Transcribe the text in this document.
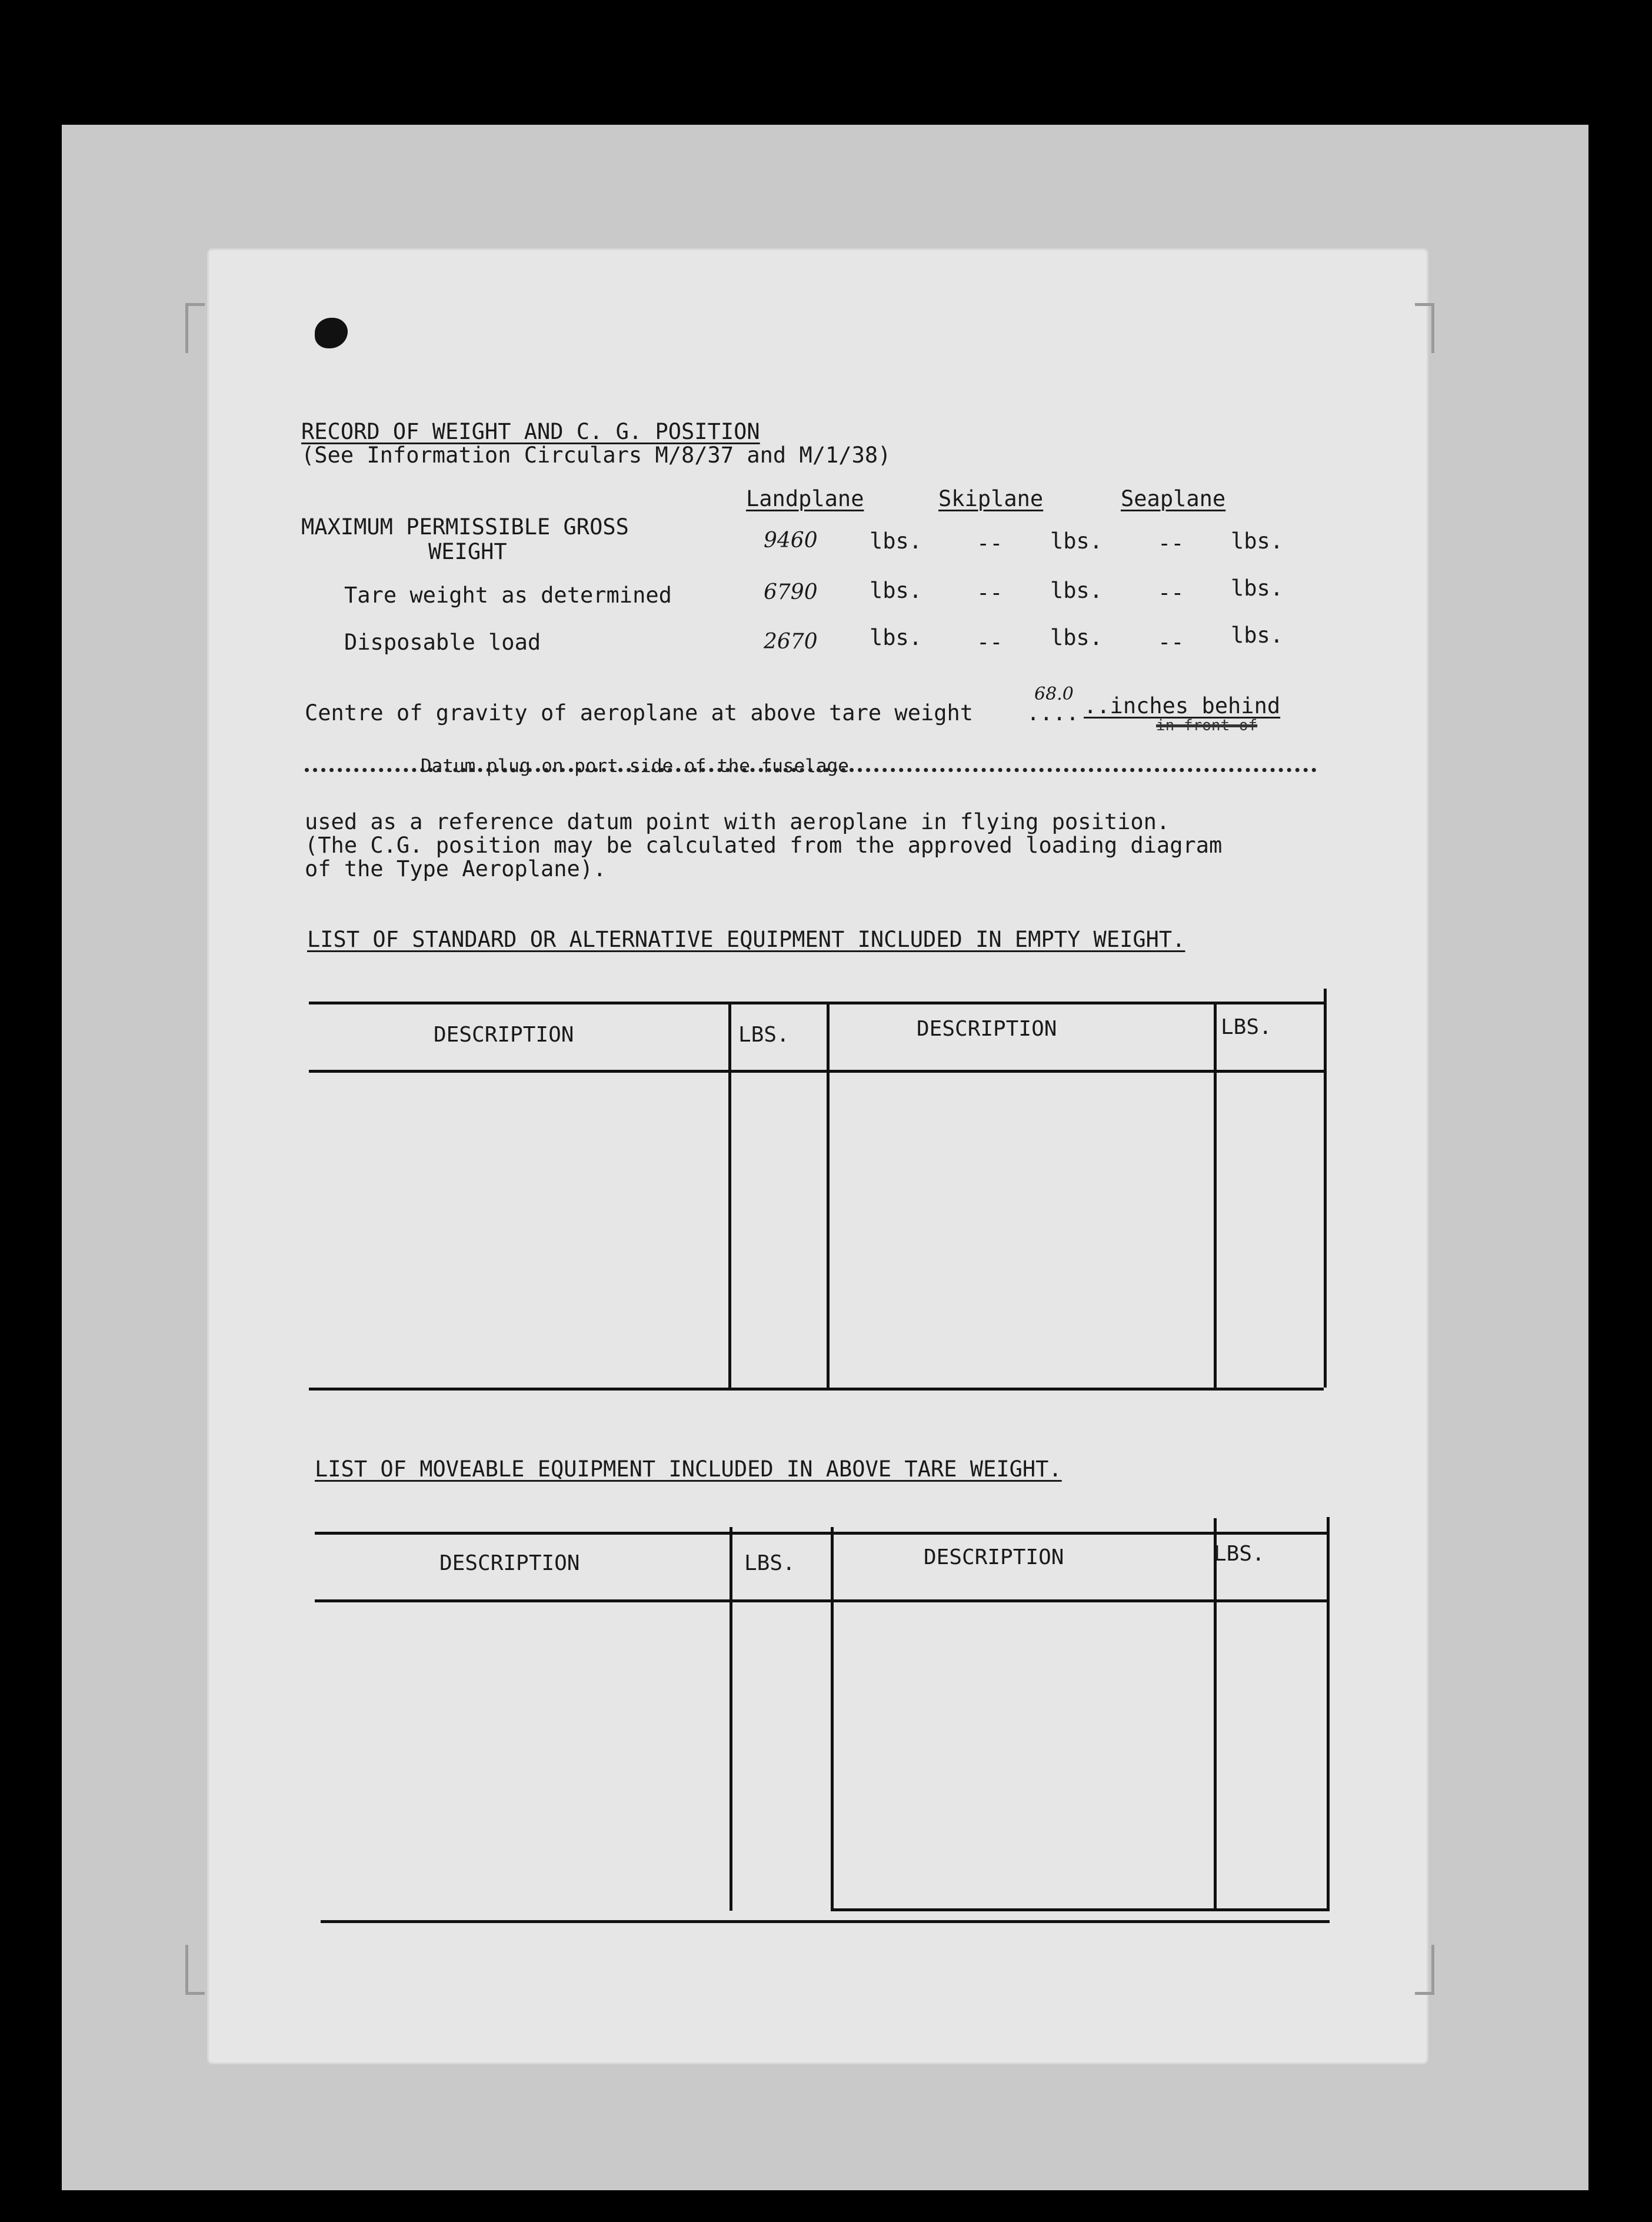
RECORD OF WEIGHT AND C. G. POSITION
(See Information Circulars M/8/37 and M/1/38)
Landplane	Skiplane	Seaplane
MAXIMUM PERMISSIBLE GROSS
WEIGHT	9460 lbs.	-- lbs.	-- lbs.
Tare weight as determined	6790 lbs.	-- lbs.	-- lbs.
Disposable load	2670 lbs.	-- lbs.	-- lbs.
Centre of gravity of aeroplane at above tare weight ....
68.0 ..inches behind
in front of
Datum plug on port side of the fuselage
used as a reference datum point with aeroplane in flying position.
(The C.G. position may be calculated from the approved loading diagram
of the Type Aeroplane).
LIST OF STANDARD OR ALTERNATIVE EQUIPMENT INCLUDED IN EMPTY WEIGHT.
DESCRIPTION	LBS.	DESCRIPTION	LBS.
LIST OF MOVEABLE EQUIPMENT INCLUDED IN ABOVE TARE WEIGHT.
DESCRIPTION	LBS.	DESCRIPTION	LBS.
